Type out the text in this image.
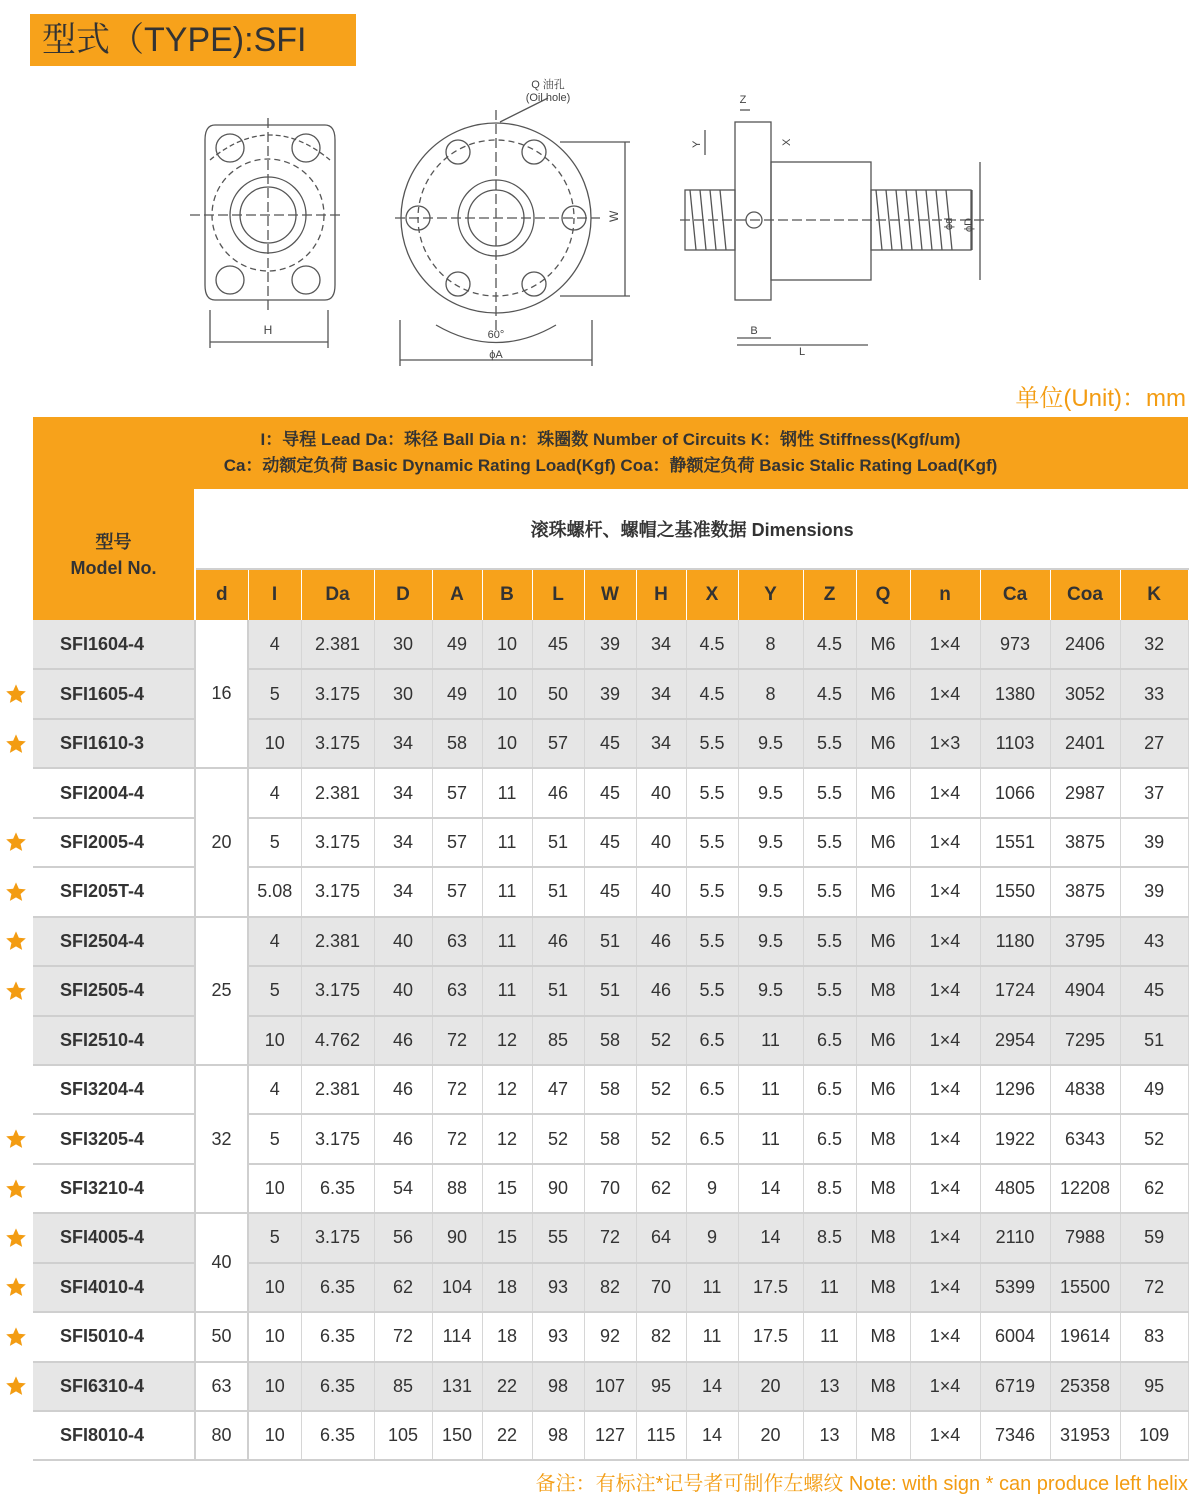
型式（TYPE):SFI
H
Q 油孔
(Oil hole)
60°
ϕA
W
Z
Y	X
ϕd ϕD
B
L
单位(Unit)：mm
I：导程 Lead Da：珠径 Ball Dia n：珠圈数 Number of Circuits K：钢性 Stiffness(Kgf/um)
Ca：动额定负荷 Basic Dynamic Rating Load(Kgf) Coa：静额定负荷 Basic Stalic Rating Load(Kgf)
型号
Model No.	滚珠螺杆、螺帽之基准数据 Dimensions																
	d	I	Da	D	A	B	L	W	H	X	Y	Z	Q	n	Ca	Coa	K
SFI1604-4	16	4	2.381	30	49	10	45	39	34	4.5	8	4.5	M6	1×4	973	2406	32
SFI1605-4		5	3.175	30	49	10	50	39	34	4.5	8	4.5	M6	1×4	1380	3052	33
SFI1610-3		10	3.175	34	58	10	57	45	34	5.5	9.5	5.5	M6	1×3	1103	2401	27
SFI2004-4	20	4	2.381	34	57	11	46	45	40	5.5	9.5	5.5	M6	1×4	1066	2987	37
SFI2005-4		5	3.175	34	57	11	51	45	40	5.5	9.5	5.5	M6	1×4	1551	3875	39
SFI205T-4		5.08	3.175	34	57	11	51	45	40	5.5	9.5	5.5	M6	1×4	1550	3875	39
SFI2504-4	25	4	2.381	40	63	11	46	51	46	5.5	9.5	5.5	M6	1×4	1180	3795	43
SFI2505-4		5	3.175	40	63	11	51	51	46	5.5	9.5	5.5	M8	1×4	1724	4904	45
SFI2510-4		10	4.762	46	72	12	85	58	52	6.5	11	6.5	M6	1×4	2954	7295	51
SFI3204-4	32	4	2.381	46	72	12	47	58	52	6.5	11	6.5	M6	1×4	1296	4838	49
SFI3205-4		5	3.175	46	72	12	52	58	52	6.5	11	6.5	M8	1×4	1922	6343	52
SFI3210-4		10	6.35	54	88	15	90	70	62	9	14	8.5	M8	1×4	4805	12208	62
SFI4005-4	40	5	3.175	56	90	15	55	72	64	9	14	8.5	M8	1×4	2110	7988	59
SFI4010-4		10	6.35	62	104	18	93	82	70	11	17.5	11	M8	1×4	5399	15500	72
SFI5010-4	50	10	6.35	72	114	18	93	92	82	11	17.5	11	M8	1×4	6004	19614	83
SFI6310-4	63	10	6.35	85	131	22	98	107	95	14	20	13	M8	1×4	6719	25358	95
SFI8010-4	80	10	6.35	105	150	22	98	127	115	14	20	13	M8	1×4	7346	31953	109
备注：有标注*记号者可制作左螺纹 Note: with sign * can produce left helix
